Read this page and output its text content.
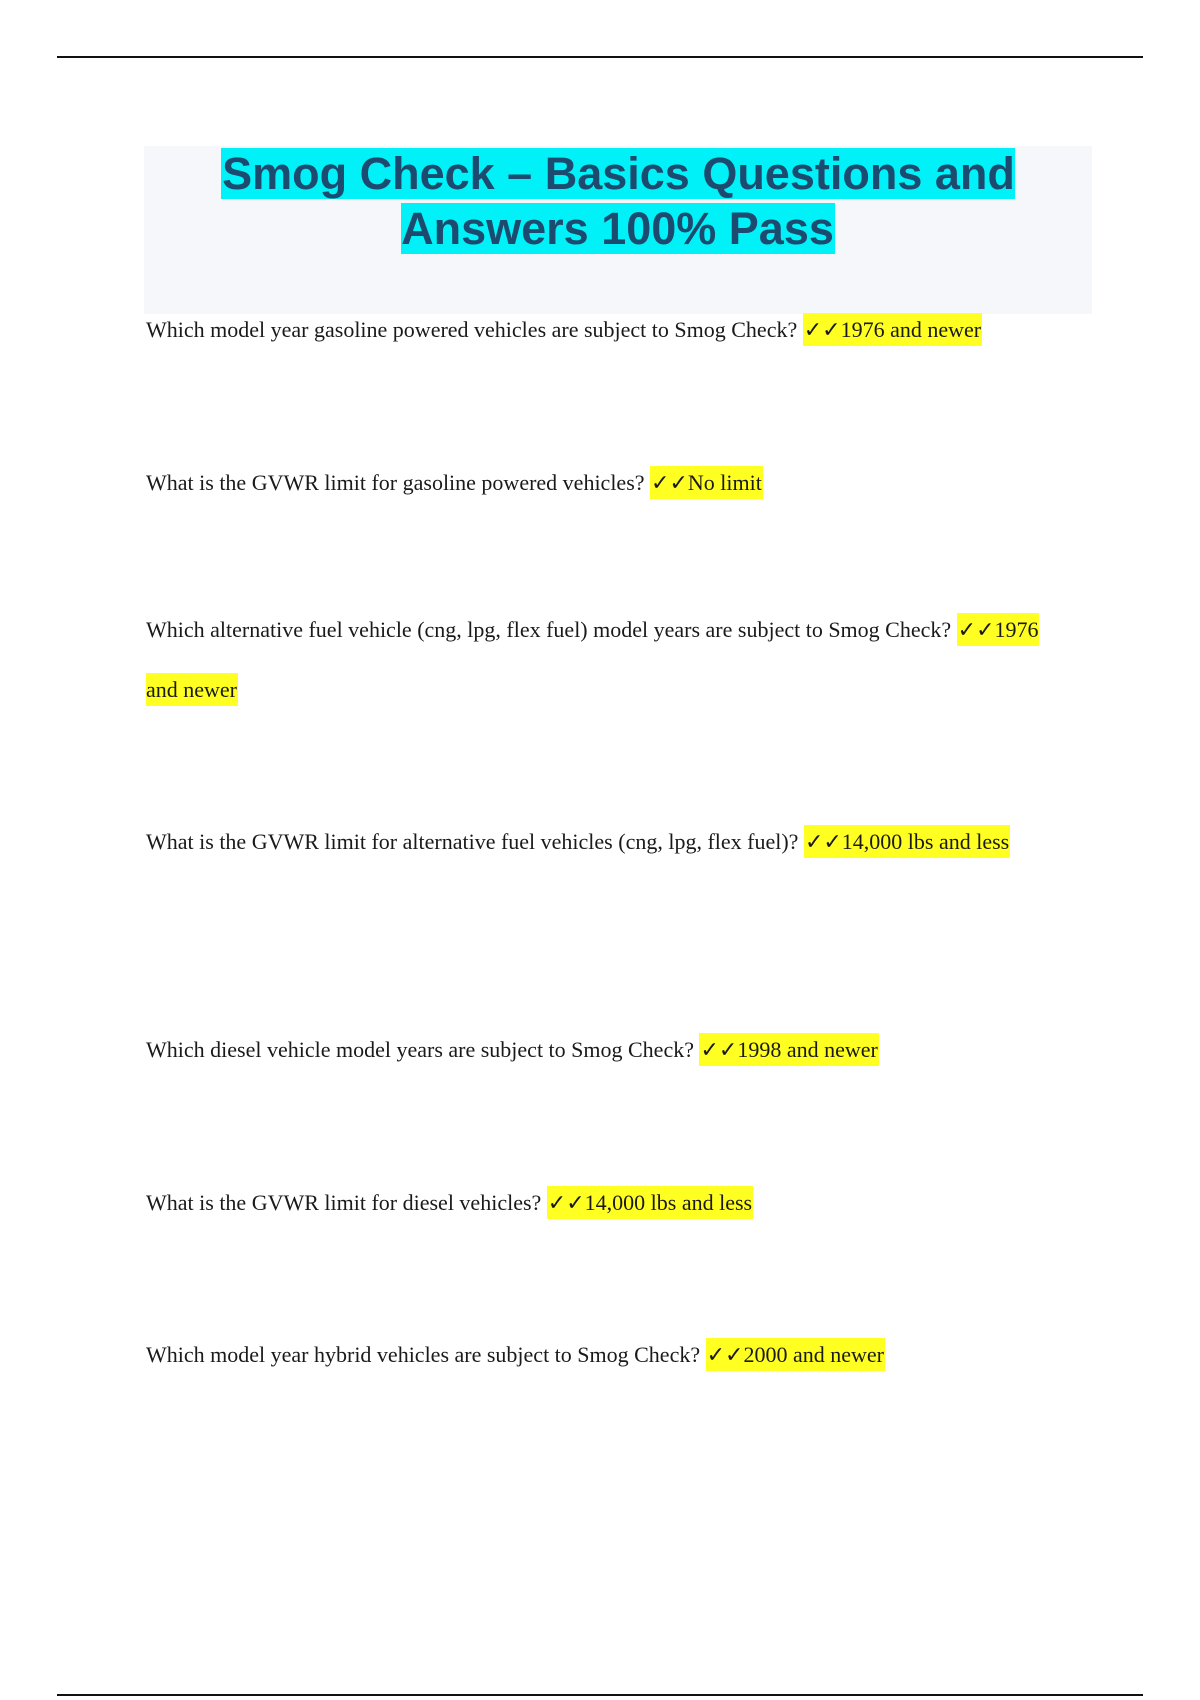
Smog Check – Basics Questions and Answers 100% Pass

Which model year gasoline powered vehicles are subject to Smog Check? ✓✓1976 and newer

What is the GVWR limit for gasoline powered vehicles? ✓✓No limit

Which alternative fuel vehicle (cng, lpg, flex fuel) model years are subject to Smog Check? ✓✓1976 and newer

What is the GVWR limit for alternative fuel vehicles (cng, lpg, flex fuel)? ✓✓14,000 lbs and less

Which diesel vehicle model years are subject to Smog Check? ✓✓1998 and newer

What is the GVWR limit for diesel vehicles? ✓✓14,000 lbs and less

Which model year hybrid vehicles are subject to Smog Check? ✓✓2000 and newer
